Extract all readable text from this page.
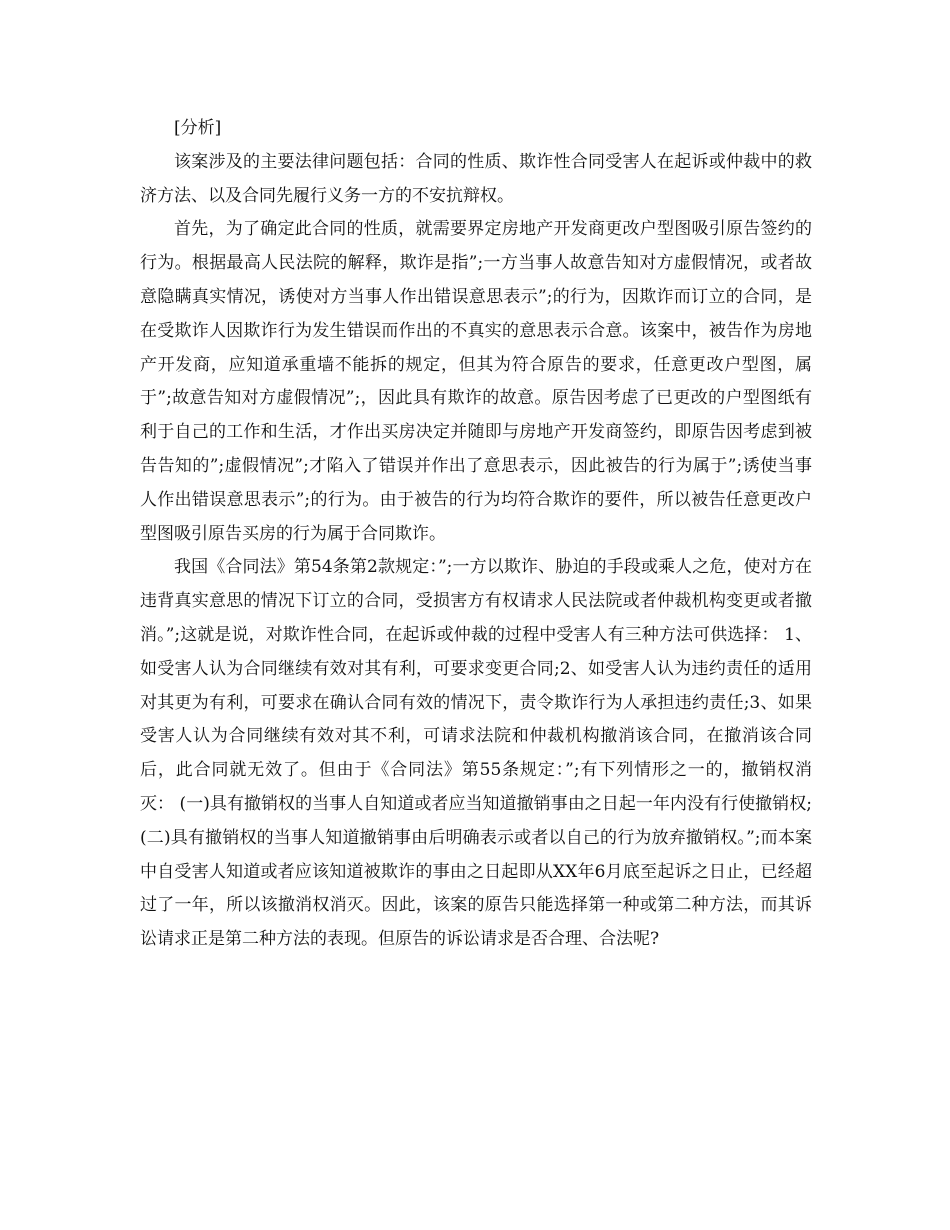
[分析]

该案涉及的主要法律问题包括：合同的性质、欺诈性合同受害人在起诉或仲裁中的救济方法、以及合同先履行义务一方的不安抗辩权。

首先，为了确定此合同的性质，就需要界定房地产开发商更改户型图吸引原告签约的行为。根据最高人民法院的解释，欺诈是指”;一方当事人故意告知对方虚假情况，或者故意隐瞒真实情况，诱使对方当事人作出错误意思表示”;的行为，因欺诈而订立的合同，是在受欺诈人因欺诈行为发生错误而作出的不真实的意思表示合意。该案中，被告作为房地产开发商，应知道承重墙不能拆的规定，但其为符合原告的要求，任意更改户型图，属于”;故意告知对方虚假情况”;，因此具有欺诈的故意。原告因考虑了已更改的户型图纸有利于自己的工作和生活，才作出买房决定并随即与房地产开发商签约，即原告因考虑到被告告知的”;虚假情况”;才陷入了错误并作出了意思表示，因此被告的行为属于”;诱使当事人作出错误意思表示”;的行为。由于被告的行为均符合欺诈的要件，所以被告任意更改户型图吸引原告买房的行为属于合同欺诈。

我国《合同法》第54条第2款规定：”;一方以欺诈、胁迫的手段或乘人之危，使对方在违背真实意思的情况下订立的合同，受损害方有权请求人民法院或者仲裁机构变更或者撤消。”;这就是说，对欺诈性合同，在起诉或仲裁的过程中受害人有三种方法可供选择： 1、如受害人认为合同继续有效对其有利，可要求变更合同;2、如受害人认为违约责任的适用对其更为有利，可要求在确认合同有效的情况下，责令欺诈行为人承担违约责任;3、如果受害人认为合同继续有效对其不利，可请求法院和仲裁机构撤消该合同，在撤消该合同后，此合同就无效了。但由于《合同法》第55条规定：”;有下列情形之一的，撤销权消灭： (一)具有撤销权的当事人自知道或者应当知道撤销事由之日起一年内没有行使撤销权;(二)具有撤销权的当事人知道撤销事由后明确表示或者以自己的行为放弃撤销权。”;而本案中自受害人知道或者应该知道被欺诈的事由之日起即从XX年6月底至起诉之日止，已经超过了一年，所以该撤消权消灭。因此，该案的原告只能选择第一种或第二种方法，而其诉讼请求正是第二种方法的表现。但原告的诉讼请求是否合理、合法呢?
